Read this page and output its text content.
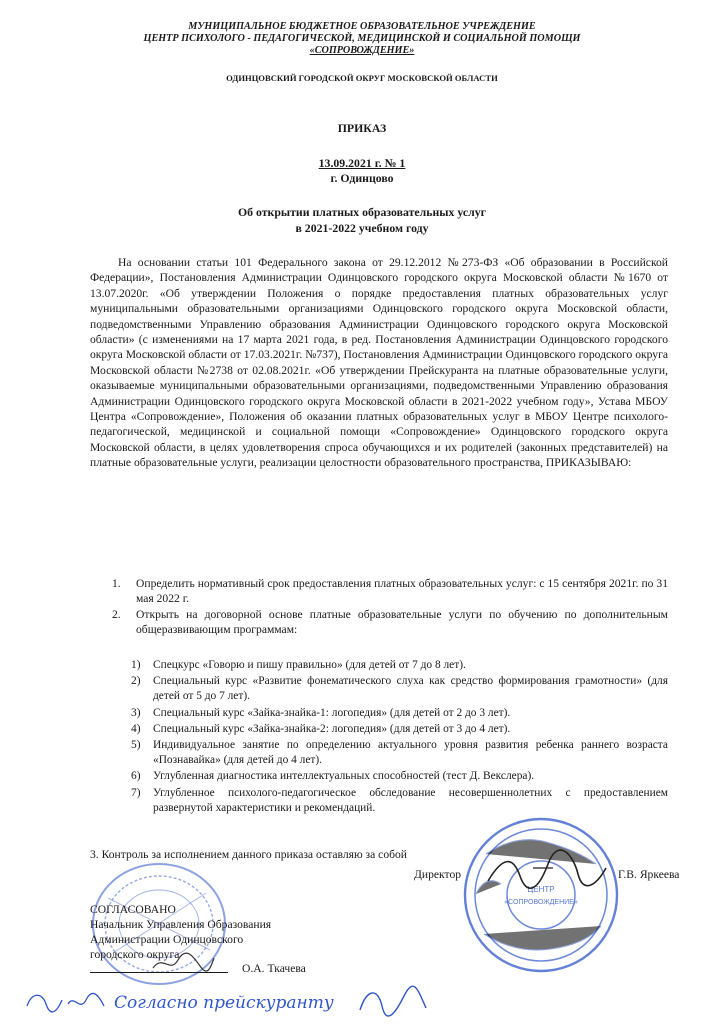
МУНИЦИПАЛЬНОЕ БЮДЖЕТНОЕ ОБРАЗОВАТЕЛЬНОЕ УЧРЕЖДЕНИЕ
ЦЕНТР ПСИХОЛОГО - ПЕДАГОГИЧЕСКОЙ, МЕДИЦИНСКОЙ И СОЦИАЛЬНОЙ ПОМОЩИ
«СОПРОВОЖДЕНИЕ»
ОДИНЦОВСКИЙ ГОРОДСКОЙ ОКРУГ МОСКОВСКОЙ ОБЛАСТИ
ПРИКАЗ
13.09.2021 г. № 1
г. Одинцово
Об открытии платных образовательных услуг
в 2021-2022 учебном году

На основании статьи 101 Федерального закона от 29.12.2012 №273-ФЗ «Об образовании в Российской Федерации», Постановления Администрации Одинцовского городского округа Московской области №1670 от 13.07.2020г. «Об утверждении Положения о порядке предоставления платных образовательных услуг муниципальными образовательными организациями Одинцовского городского округа Московской области, подведомственными Управлению образования Администрации Одинцовского городского округа Московской области» (с изменениями на 17 марта 2021 года, в ред. Постановления Администрации Одинцовского городского округа Московской области от 17.03.2021г. №737), Постановления Администрации Одинцовского городского округа Московской области №2738 от 02.08.2021г. «Об утверждении Прейскуранта на платные образовательные услуги, оказываемые муниципальными образовательными организациями, подведомственными Управлению образования Администрации Одинцовского городского округа Московской области в 2021-2022 учебном году», Устава МБОУ Центра «Сопровождение», Положения об оказании платных образовательных услуг в МБОУ Центре психолого-педагогической, медицинской и социальной помощи «Сопровождение» Одинцовского городского округа Московской области, в целях удовлетворения спроса обучающихся и их родителей (законных представителей) на платные образовательные услуги, реализации целостности образовательного пространства, ПРИКАЗЫВАЮ:

1. Определить нормативный срок предоставления платных образовательных услуг: с 15 сентября 2021г. по 31 мая 2022 г.
2. Открыть на договорной основе платные образовательные услуги по обучению по дополнительным общеразвивающим программам:
1) Спецкурс «Говорю и пишу правильно» (для детей от 7 до 8 лет).
2) Специальный курс «Развитие фонематического слуха как средство формирования грамотности» (для детей от 5 до 7 лет).
3) Специальный курс «Зайка-знайка-1: логопедия» (для детей от 2 до 3 лет).
4) Специальный курс «Зайка-знайка-2: логопедия» (для детей от 3 до 4 лет).
5) Индивидуальное занятие по определению актуального уровня развития ребенка раннего возраста «Познавайка» (для детей до 4 лет).
6) Углубленная диагностика интеллектуальных способностей (тест Д. Векслера).
7) Углубленное психолого-педагогическое обследование несовершеннолетних с предоставлением развернутой характеристики и рекомендаций.
3. Контроль за исполнением данного приказа оставляю за собой
ЦЕНТР
«СОПРОВОЖДЕНИЕ»
Директор	Г.В. Яркеева
СОГЛАСОВАНО
Начальник Управления Образования
Администрации Одинцовского
городского округа
О.А. Ткачева
Согласно прейскуранту
